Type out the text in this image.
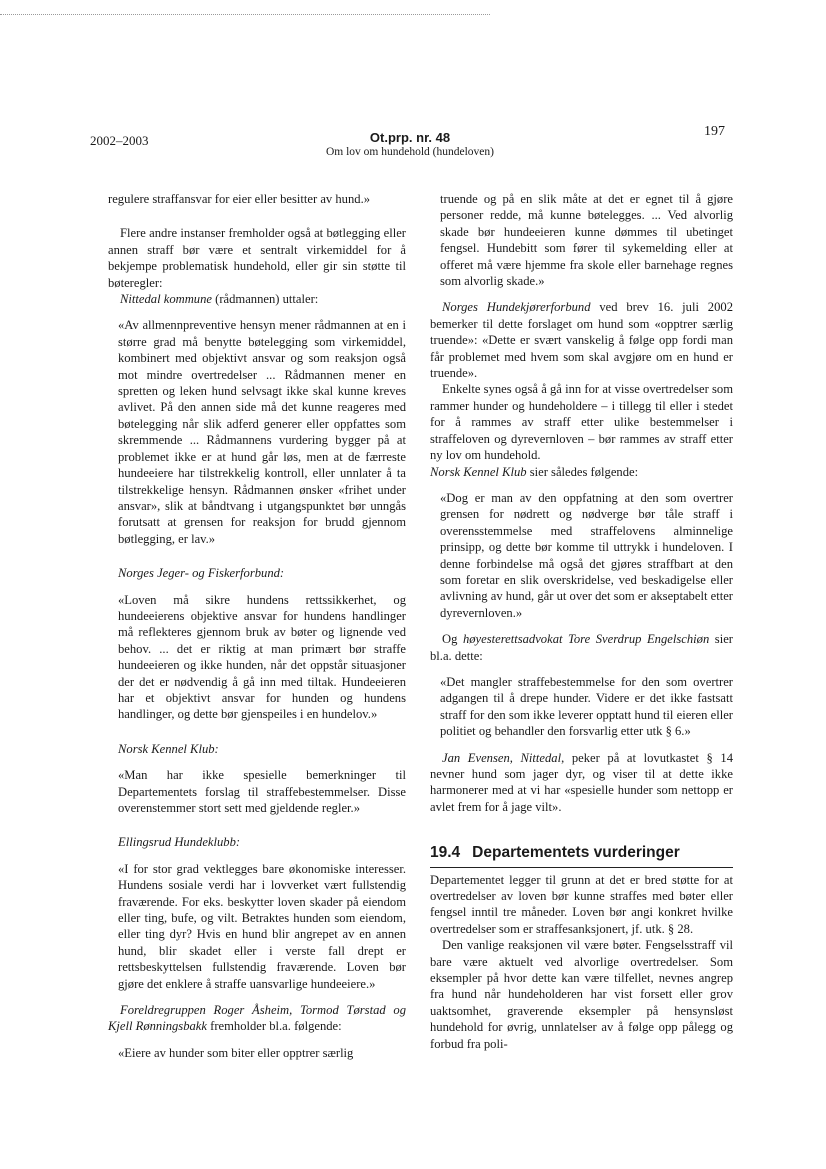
2002–2003	Ot.prp. nr. 48
Om lov om hundehold (hundeloven)
197

regulere straffansvar for eier eller besitter av hund.»

Flere andre instanser fremholder også at bøtlegging eller annen straff bør være et sentralt virkemiddel for å bekjempe problematisk hundehold, eller gir sin støtte til bøteregler:

Nittedal kommune (rådmannen) uttaler:

«Av allmennpreventive hensyn mener rådmannen at en i større grad må benytte bøtelegging som virkemiddel, kombinert med objektivt ansvar og som reaksjon også mot mindre overtredelser ... Rådmannen mener en spretten og leken hund selvsagt ikke skal kunne kreves avlivet. På den annen side må det kunne reageres med bøtelegging når slik adferd generer eller oppfattes som skremmende ... Rådmannens vurdering bygger på at problemet ikke er at hund går løs, men at de færreste hundeeiere har tilstrekkelig kontroll, eller unnlater å ta tilstrekkelige hensyn. Rådmannen ønsker «frihet under ansvar», slik at båndtvang i utgangspunktet bør unngås forutsatt at grensen for reaksjon for brudd gjennom bøtlegging, er lav.»

Norges Jeger- og Fiskerforbund:

«Loven må sikre hundens rettssikkerhet, og hundeeierens objektive ansvar for hundens handlinger må reflekteres gjennom bruk av bøter og lignende ved behov. ... det er riktig at man primært bør straffe hundeeieren og ikke hunden, når det oppstår situasjoner der det er nødvendig å gå inn med tiltak. Hundeeieren har et objektivt ansvar for hunden og hundens handlinger, og dette bør gjenspeiles i en hundelov.»

Norsk Kennel Klub:

«Man har ikke spesielle bemerkninger til Departementets forslag til straffebestemmelser. Disse overenstemmer stort sett med gjeldende regler.»

Ellingsrud Hundeklubb:

«I for stor grad vektlegges bare økonomiske interesser. Hundens sosiale verdi har i lovverket vært fullstendig fraværende. For eks. beskytter loven skader på eiendom eller ting, bufe, og vilt. Betraktes hunden som eiendom, eller ting dyr? Hvis en hund blir angrepet av en annen hund, blir skadet eller i verste fall drept er rettsbeskyttelsen fullstendig fraværende. Loven bør gjøre det enklere å straffe uansvarlige hundeeiere.»

Foreldregruppen Roger Åsheim, Tormod Tørstad og Kjell Rønningsbakk fremholder bl.a. følgende:

«Eiere av hunder som biter eller opptrer særlig

truende og på en slik måte at det er egnet til å gjøre personer redde, må kunne bøtelegges. ... Ved alvorlig skade bør hundeeieren kunne dømmes til ubetinget fengsel. Hundebitt som fører til sykemelding eller at offeret må være hjemme fra skole eller barnehage regnes som alvorlig skade.»

Norges Hundekjørerforbund ved brev 16. juli 2002 bemerker til dette forslaget om hund som «opptrer særlig truende»: «Dette er svært vanskelig å følge opp fordi man får problemet med hvem som skal avgjøre om en hund er truende».

Enkelte synes også å gå inn for at visse overtredelser som rammer hunder og hundeholdere – i tillegg til eller i stedet for å rammes av straff etter ulike bestemmelser i straffeloven og dyrevernloven – bør rammes av straff etter ny lov om hundehold.

Norsk Kennel Klub sier således følgende:

«Dog er man av den oppfatning at den som overtrer grensen for nødrett og nødverge bør tåle straff i overensstemmelse med straffelovens alminnelige prinsipp, og dette bør komme til uttrykk i hundeloven. I denne forbindelse må også det gjøres straffbart at den som foretar en slik overskridelse, ved beskadigelse eller avlivning av hund, går ut over det som er akseptabelt etter dyrevernloven.»

Og høyesterettsadvokat Tore Sverdrup Engelschiøn sier bl.a. dette:

«Det mangler straffebestemmelse for den som overtrer adgangen til å drepe hunder. Videre er det ikke fastsatt straff for den som ikke leverer opptatt hund til eieren eller politiet og behandler den forsvarlig etter utk § 6.»

Jan Evensen, Nittedal, peker på at lovutkastet § 14 nevner hund som jager dyr, og viser til at dette ikke harmonerer med at vi har «spesielle hunder som nettopp er avlet frem for å jage vilt».

19.4 Departementets vurderinger

Departementet legger til grunn at det er bred støtte for at overtredelser av loven bør kunne straffes med bøter eller fengsel inntil tre måneder. Loven bør angi konkret hvilke overtredelser som er straffesanksjonert, jf. utk. § 28.

Den vanlige reaksjonen vil være bøter. Fengselsstraff vil bare være aktuelt ved alvorlige overtredelser. Som eksempler på hvor dette kan være tilfellet, nevnes angrep fra hund når hundeholderen har vist forsett eller grov uaktsomhet, graverende eksempler på hensynsløst hundehold for øvrig, unnlatelser av å følge opp pålegg og forbud fra poli-
